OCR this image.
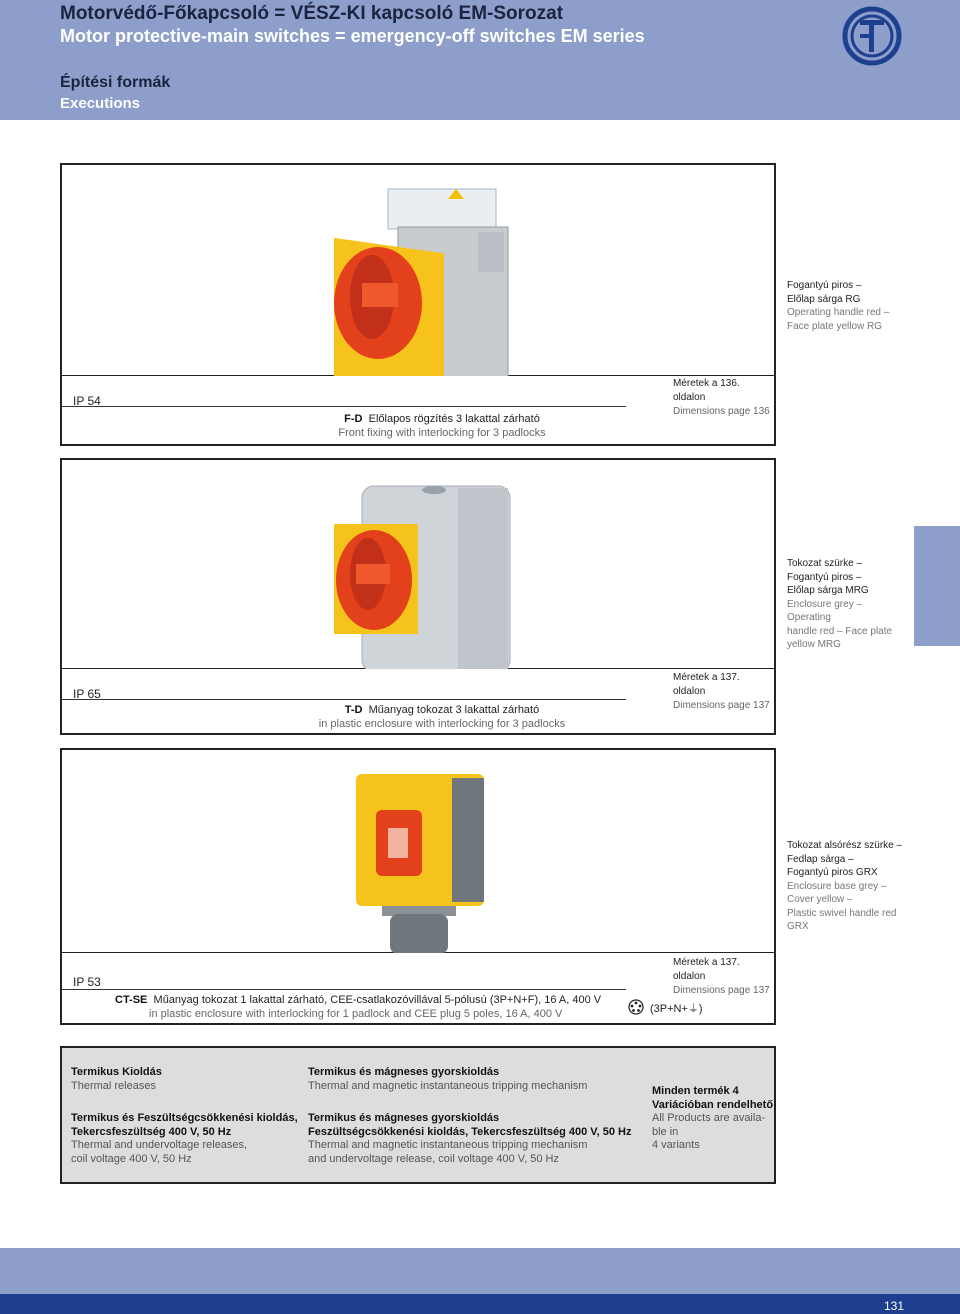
Motorvédő-Főkapcsoló = VÉSZ-KI kapcsoló EM-Sorozat
Motor protective-main switches = emergency-off switches EM series
Építési formák
Executions
Fogantyú piros –
Előlap sárga RG
Operating handle red –
Face plate yellow RG
IP 54
Méretek a 136. oldalon
Dimensions page 136
F-D Előlapos rögzítés 3 lakattal zárható
Front fixing with interlocking for 3 padlocks
Tokozat szürke –
Fogantyú piros –
Előlap sárga MRG
Enclosure grey – Operating
handle red – Face plate
yellow MRG
IP 65
Méretek a 137. oldalon
Dimensions page 137
T-D Műanyag tokozat 3 lakattal zárható
in plastic enclosure with interlocking for 3 padlocks
Tokozat alsórész szürke –
Fedlap sárga –
Fogantyú piros GRX
Enclosure base grey –
Cover yellow –
Plastic swivel handle red
GRX
IP 53
Méretek a 137. oldalon
Dimensions page 137
CT-SE Műanyag tokozat 1 lakattal zárható, CEE-csatlakozóvillával 5-pólusú (3P+N+F), 16 A, 400 V
in plastic enclosure with interlocking for 1 padlock and CEE plug 5 poles, 16 A, 400 V	(3P+N+⏚)
Termikus Kioldás
Thermal releases
Termikus és Feszültségcsökkenési kioldás,
Tekercsfeszültség 400 V, 50 Hz
Thermal and undervoltage releases,
coil voltage 400 V, 50 Hz
Termikus és mágneses gyorskioldás
Thermal and magnetic instantaneous tripping mechanism
Termikus és mágneses gyorskioldás
Feszültségcsökkenési kioldás, Tekercsfeszültség 400 V, 50 Hz
Thermal and magnetic instantaneous tripping mechanism
and undervoltage release, coil voltage 400 V, 50 Hz
Minden termék 4
Variációban rendelhető
All Products are availa-
ble in
4 variants
131
